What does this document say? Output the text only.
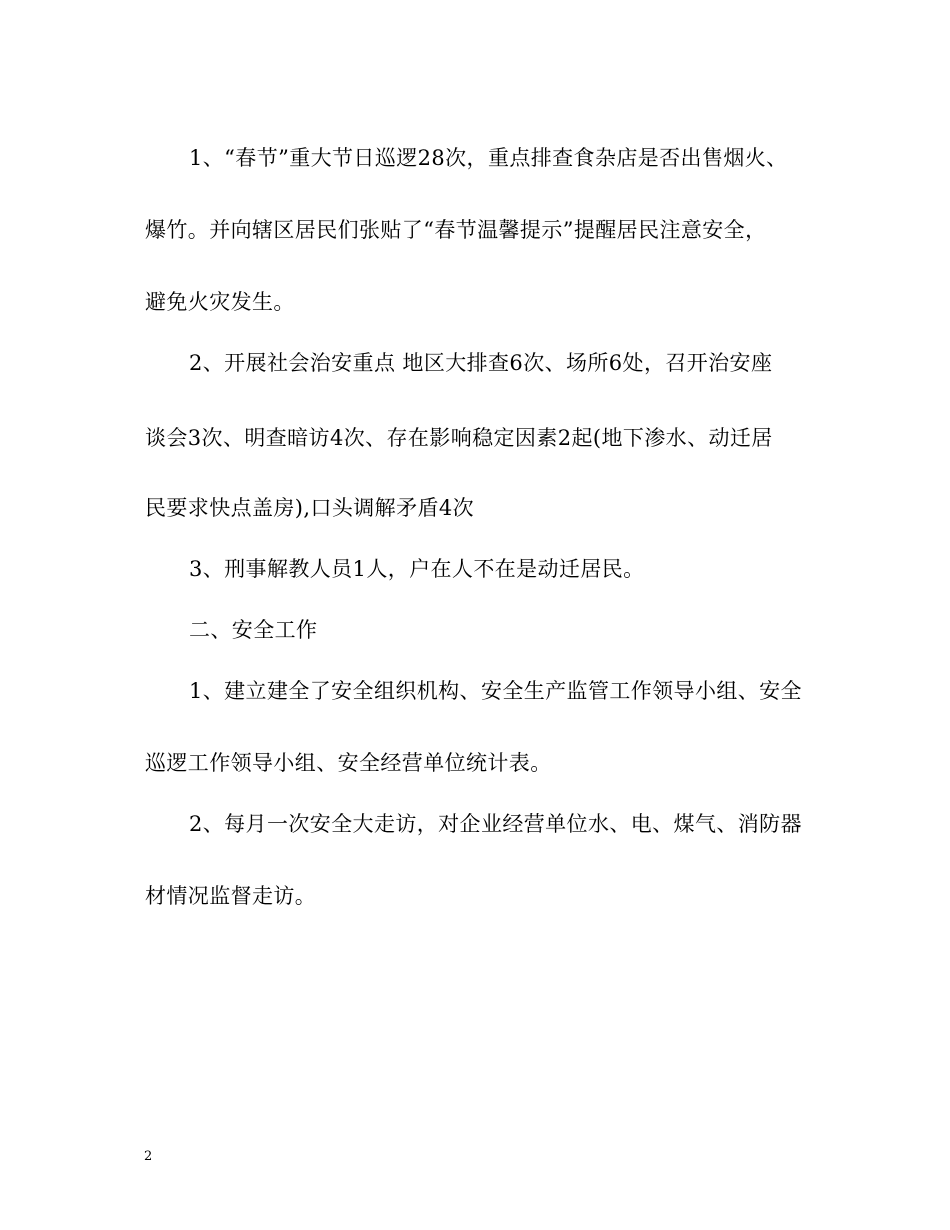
1、“春节”重大节日巡逻28次，重点排查食杂店是否出售烟火、
爆竹。并向辖区居民们张贴了“春节温馨提示”提醒居民注意安全，
避免火灾发生。
2、开展社会治安重点 地区大排查6次、场所6处，召开治安座
谈会3次、明查暗访4次、存在影响稳定因素2起(地下渗水、动迁居
民要求快点盖房),口头调解矛盾4次
3、刑事解教人员1人，户在人不在是动迁居民。
二、安全工作
1、建立建全了安全组织机构、安全生产监管工作领导小组、安全
巡逻工作领导小组、安全经营单位统计表。
2、每月一次安全大走访，对企业经营单位水、电、煤气、消防器
材情况监督走访。
2
